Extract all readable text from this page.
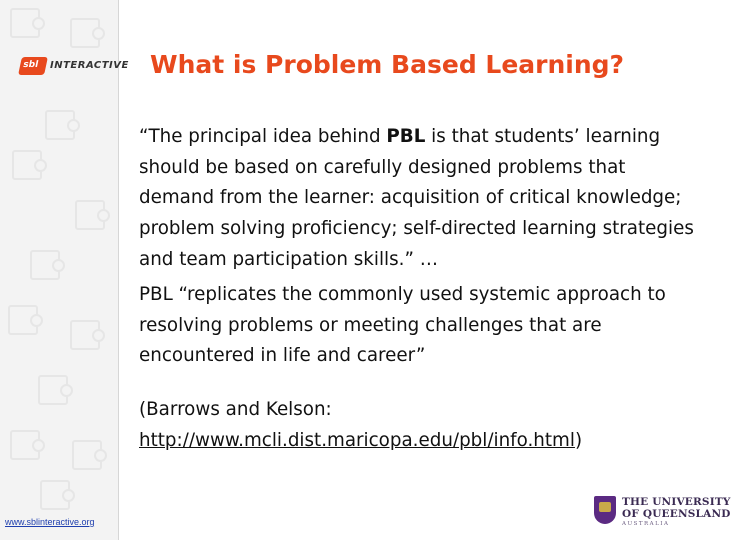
sbl INTERACTIVE
www.sblinteractive.org
What is Problem Based Learning?

“The principal idea behind PBL is that students’ learning should be based on carefully designed problems that demand from the learner: acquisition of critical knowledge; problem solving proficiency; self-directed learning strategies and team participation skills.” …

PBL “replicates the commonly used systemic approach to resolving problems or meeting challenges that are encountered in life and career”

(Barrows and Kelson: http://www.mcli.dist.maricopa.edu/pbl/info.html)

THE UNIVERSITY
OF QUEENSLAND
AUSTRALIA
